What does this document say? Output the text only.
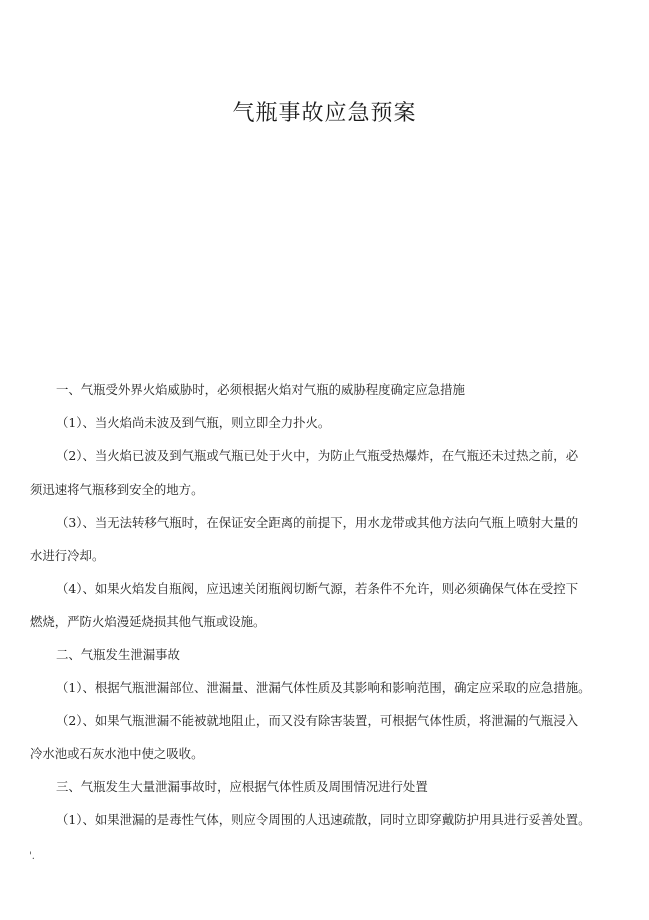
气瓶事故应急预案
一、气瓶受外界火焰威胁时，必须根据火焰对气瓶的威胁程度确定应急措施
（1）、当火焰尚未波及到气瓶，则立即全力扑火。
（2）、当火焰已波及到气瓶或气瓶已处于火中，为防止气瓶受热爆炸，在气瓶还未过热之前，必
须迅速将气瓶移到安全的地方。
（3）、当无法转移气瓶时，在保证安全距离的前提下，用水龙带或其他方法向气瓶上喷射大量的
水进行冷却。
（4）、如果火焰发自瓶阀，应迅速关闭瓶阀切断气源，若条件不允许，则必须确保气体在受控下
燃烧，严防火焰漫延烧损其他气瓶或设施。
二、气瓶发生泄漏事故
（1）、根据气瓶泄漏部位、泄漏量、泄漏气体性质及其影响和影响范围，确定应采取的应急措施。
（2）、如果气瓶泄漏不能被就地阻止，而又没有除害装置，可根据气体性质，将泄漏的气瓶浸入
冷水池或石灰水池中使之吸收。
三、气瓶发生大量泄漏事故时，应根据气体性质及周围情况进行处置
（1）、如果泄漏的是毒性气体，则应令周围的人迅速疏散，同时立即穿戴防护用具进行妥善处置。
'.
